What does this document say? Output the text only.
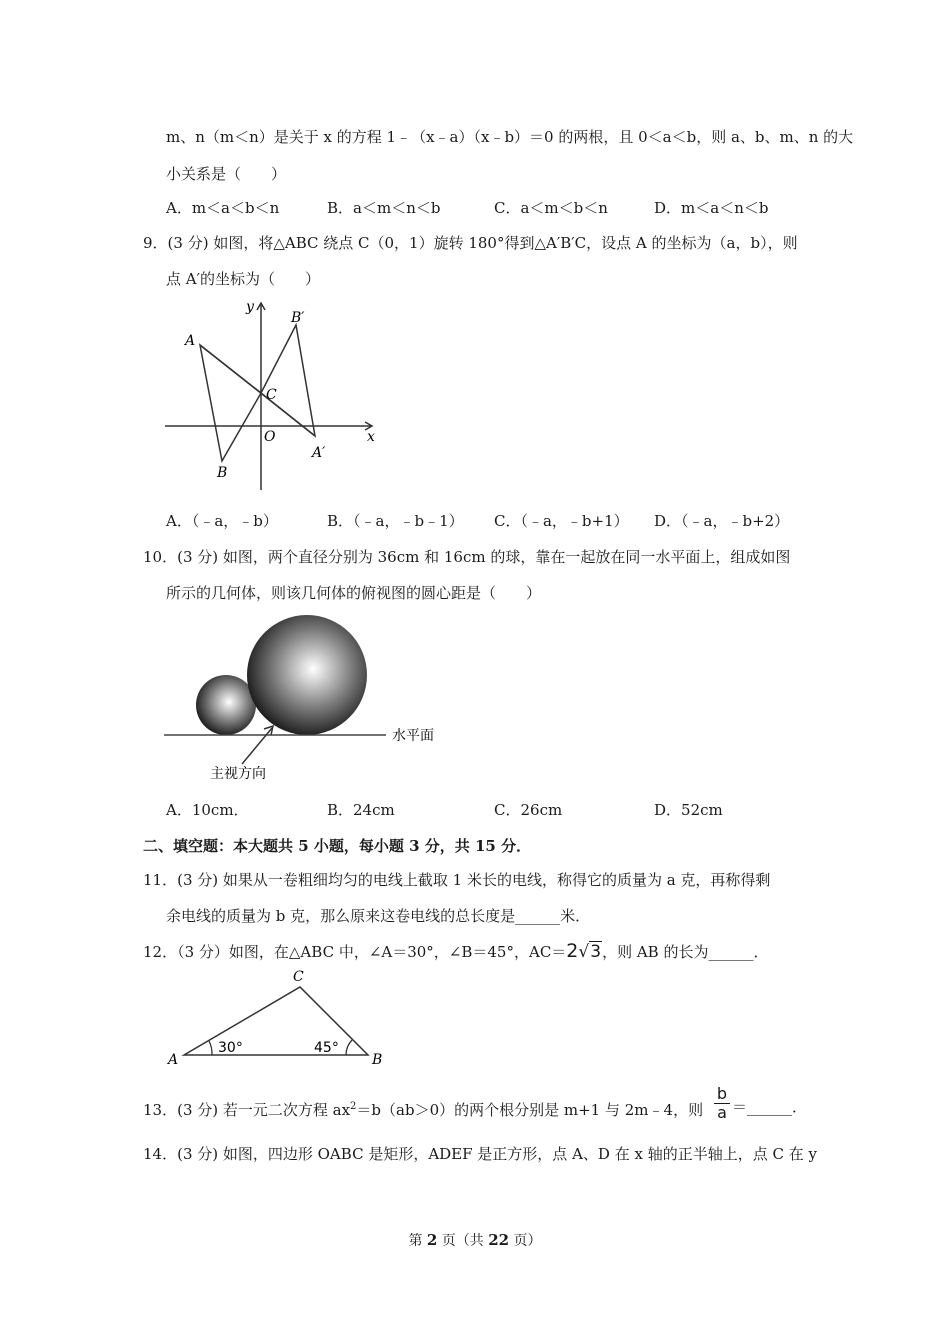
m、n（m＜n）是关于 x 的方程 1﹣（x﹣a）（x﹣b）＝0 的两根，且 0＜a＜b，则 a、b、m、n 的大
小关系是（　　）
A．m＜a＜b＜n	B．a＜m＜n＜b	C．a＜m＜b＜n	D．m＜a＜n＜b
9．(3 分) 如图，将△ABC 绕点 C（0，1）旋转 180°得到△A′B′C，设点 A 的坐标为（a，b），则
点 A′的坐标为（　　）
A
B
C
O
A′
B′
x
y
A．（﹣a，﹣b）	B．（﹣a，﹣b﹣1） C．（﹣a，﹣b+1） D．（﹣a，﹣b+2）
10．(3 分) 如图，两个直径分别为 36cm 和 16cm 的球，靠在一起放在同一水平面上，组成如图
所示的几何体，则该几何体的俯视图的圆心距是（　　）
水平面
主视方向
A．10cm．	B．24cm	C．26cm	D．52cm
二、填空题：本大题共 5 小题，每小题 3 分，共 15 分．
11．(3 分) 如果从一卷粗细均匀的电线上截取 1 米长的电线，称得它的质量为 a 克，再称得剩
余电线的质量为 b 克，那么原来这卷电线的总长度是______米．
12．（3 分）如图，在△ABC 中，∠A＝30°，∠B＝45°，AC＝2√3，则 AB 的长为______．
C
A	B
30°	45°
13．(3 分) 若一元二次方程 $ax^2=b(ab>0)$的两个根分别是 m+1 与 2m﹣4，则 $\frac{b}{a}$ ＝______．
14．(3 分) 如图，四边形 OABC 是矩形，ADEF 是正方形，点 A、D 在 x 轴的正半轴上，点 C 在 y
第 2 页（共 22 页）
